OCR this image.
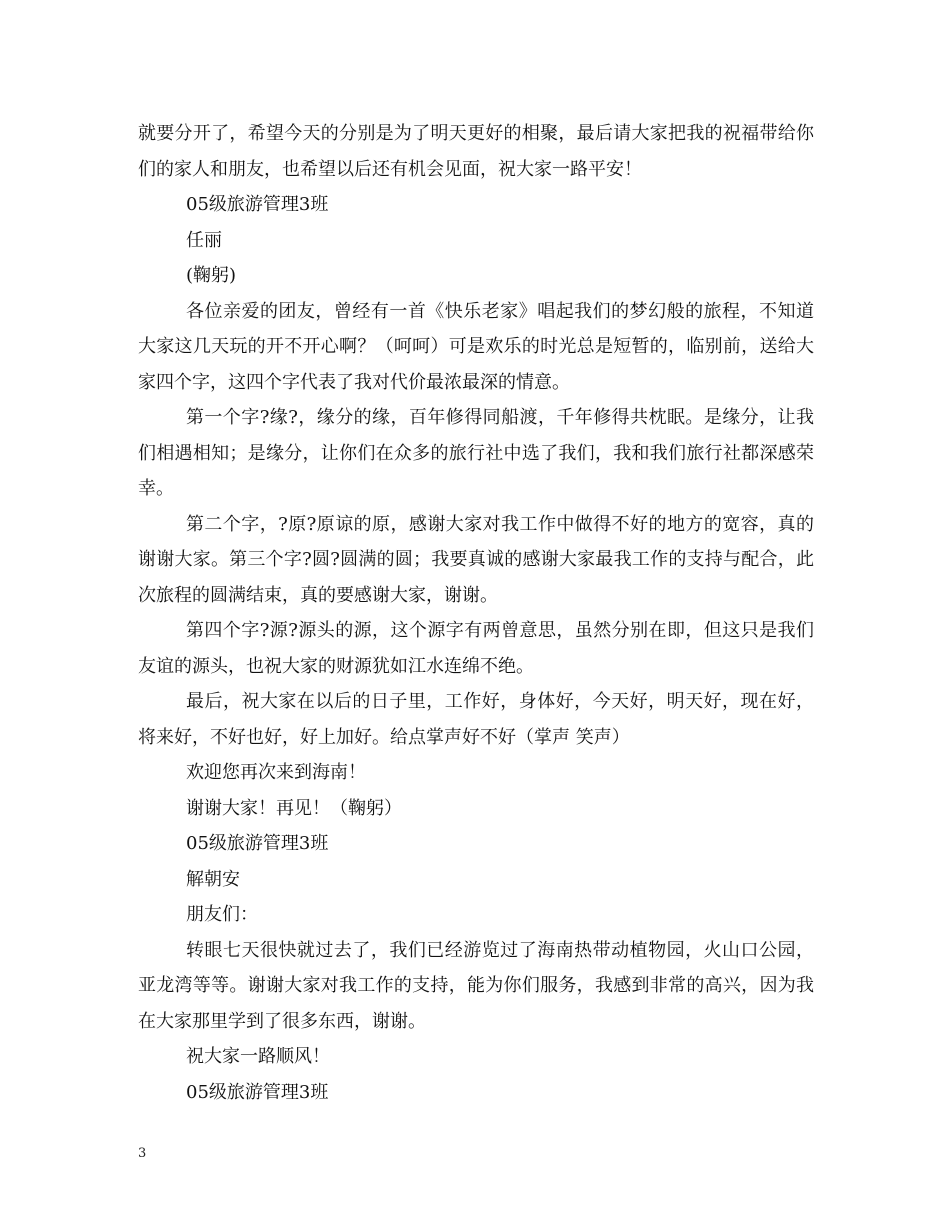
就要分开了，希望今天的分别是为了明天更好的相聚，最后请大家把我的祝福带给你们的家人和朋友，也希望以后还有机会见面，祝大家一路平安！

05级旅游管理3班

任丽

(鞠躬)

各位亲爱的团友，曾经有一首《快乐老家》唱起我们的梦幻般的旅程，不知道大家这几天玩的开不开心啊？（呵呵）可是欢乐的时光总是短暂的，临别前，送给大家四个字，这四个字代表了我对代价最浓最深的情意。

第一个字?缘?，缘分的缘，百年修得同船渡，千年修得共枕眠。是缘分，让我们相遇相知；是缘分，让你们在众多的旅行社中选了我们，我和我们旅行社都深感荣幸。

第二个字，?原?原谅的原，感谢大家对我工作中做得不好的地方的宽容，真的谢谢大家。第三个字?圆?圆满的圆；我要真诚的感谢大家最我工作的支持与配合，此次旅程的圆满结束，真的要感谢大家，谢谢。

第四个字?源?源头的源，这个源字有两曾意思，虽然分别在即，但这只是我们友谊的源头，也祝大家的财源犹如江水连绵不绝。

最后，祝大家在以后的日子里，工作好，身体好，今天好，明天好，现在好，将来好，不好也好，好上加好。给点掌声好不好（掌声 笑声）

欢迎您再次来到海南！

谢谢大家！再见！（鞠躬）

05级旅游管理3班

解朝安

朋友们：

转眼七天很快就过去了，我们已经游览过了海南热带动植物园，火山口公园，亚龙湾等等。谢谢大家对我工作的支持，能为你们服务，我感到非常的高兴，因为我在大家那里学到了很多东西，谢谢。

祝大家一路顺风！

05级旅游管理3班

3
